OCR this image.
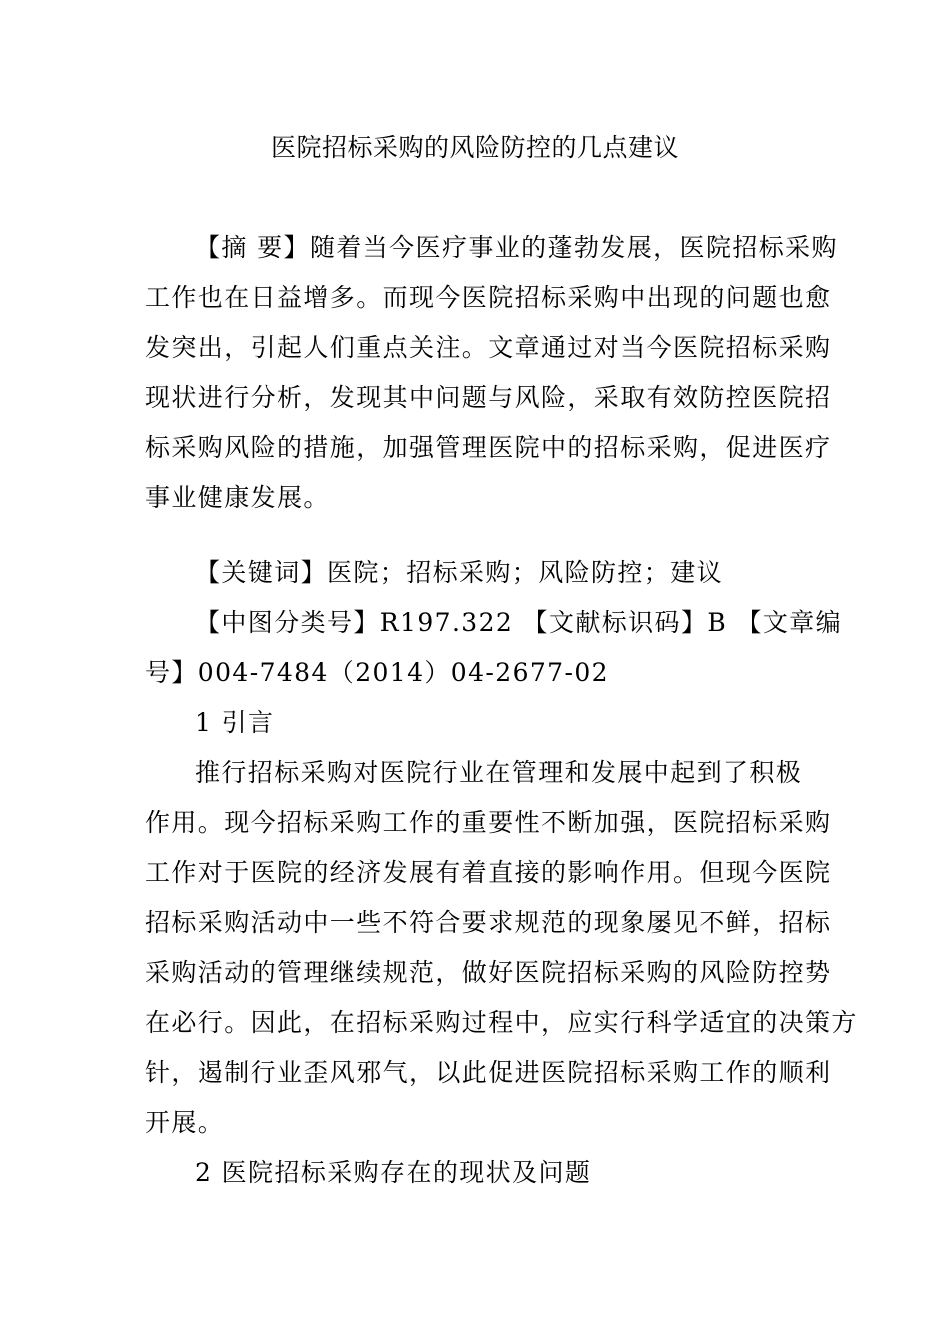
医院招标采购的风险防控的几点建议
【摘 要】随着当今医疗事业的蓬勃发展，医院招标采购
工作也在日益增多。而现今医院招标采购中出现的问题也愈
发突出，引起人们重点关注。文章通过对当今医院招标采购
现状进行分析，发现其中问题与风险，采取有效防控医院招
标采购风险的措施，加强管理医院中的招标采购，促进医疗
事业健康发展。
【关键词】医院；招标采购；风险防控；建议
【中图分类号】R197.322 【文献标识码】B 【文章编
号】004-7484（2014）04-2677-02
1 引言
推行招标采购对医院行业在管理和发展中起到了积极
作用。现今招标采购工作的重要性不断加强，医院招标采购
工作对于医院的经济发展有着直接的影响作用。但现今医院
招标采购活动中一些不符合要求规范的现象屡见不鲜，招标
采购活动的管理继续规范，做好医院招标采购的风险防控势
在必行。因此，在招标采购过程中，应实行科学适宜的决策方
针，遏制行业歪风邪气，以此促进医院招标采购工作的顺利
开展。
2 医院招标采购存在的现状及问题
